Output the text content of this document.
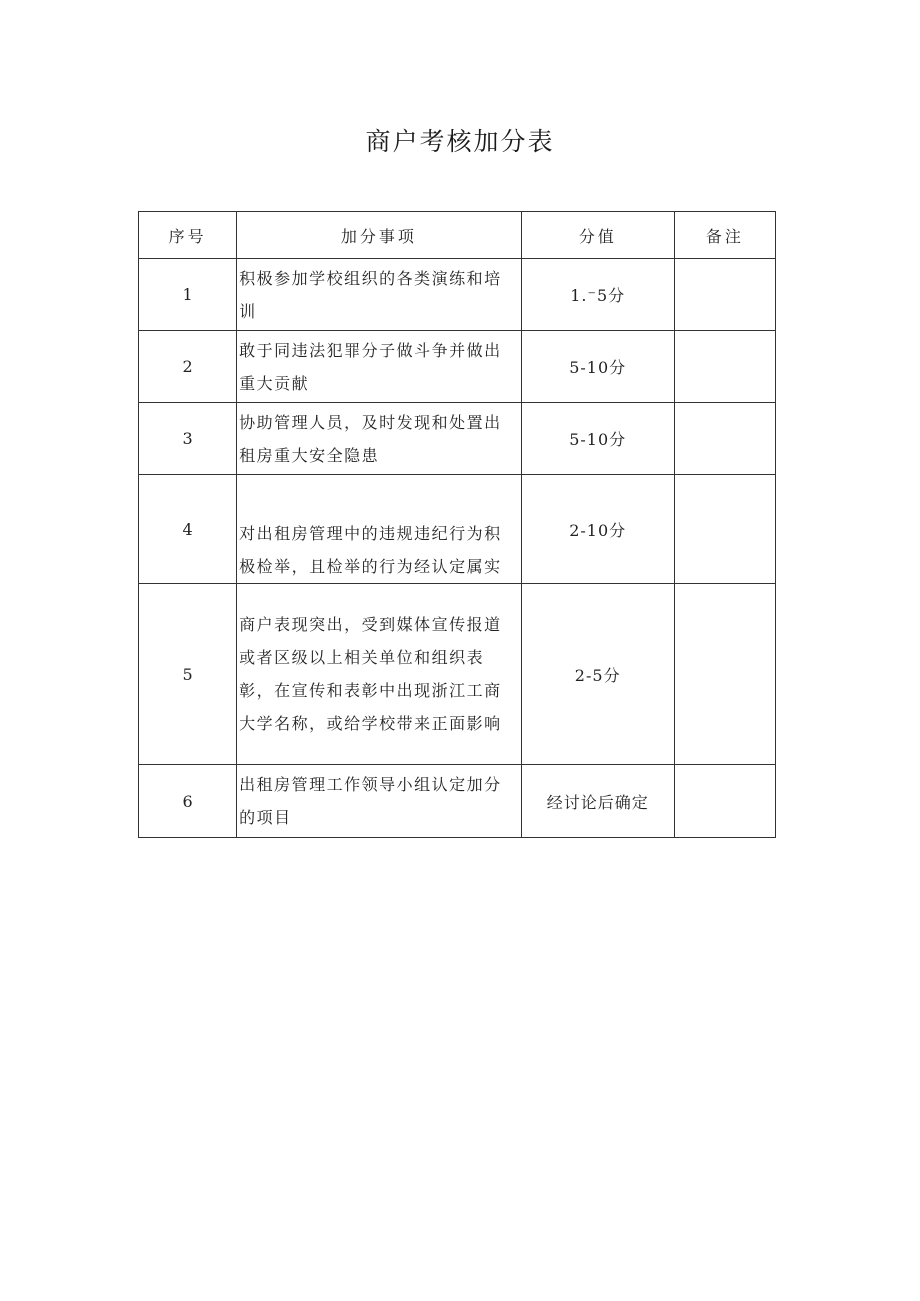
商户考核加分表
序号	加分事项	分值	备注
1	积极参加学校组织的各类演练和培训	1.⁻5分	
2	敢于同违法犯罪分子做斗争并做出重大贡献	5-10分	
3	协助管理人员，及时发现和处置出租房重大安全隐患	5-10分	
4	对出租房管理中的违规违纪行为积极检举，且检举的行为经认定属实	2-10分	
5	商户表现突出，受到媒体宣传报道或者区级以上相关单位和组织表彰，在宣传和表彰中出现浙江工商大学名称，或给学校带来正面影响	2-5分	
6	出租房管理工作领导小组认定加分的项目	经讨论后确定	
